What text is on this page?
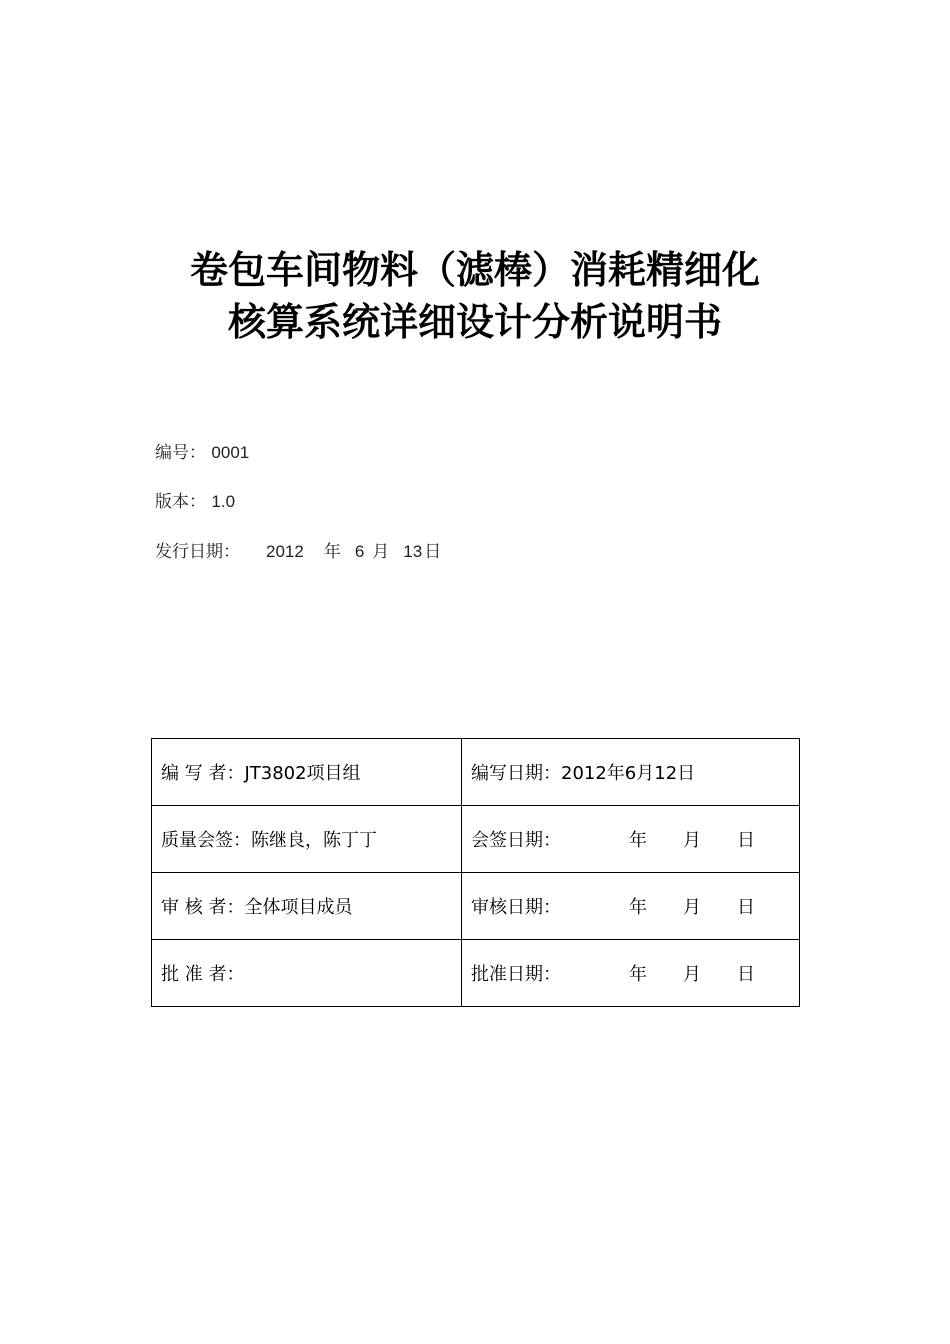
卷包车间物料（滤棒）消耗精细化
核算系统详细设计分析说明书
编号： 0001
版本： 1.0
发行日期： 2012 年 6 月 13 日
编 写 者：JT3802项目组	编写日期：2012年6月12日
质量会签：陈继良，陈丁丁	会签日期： 年 月 日
审 核 者：全体项目成员	审核日期： 年 月 日
批 准 者：	批准日期： 年 月 日
